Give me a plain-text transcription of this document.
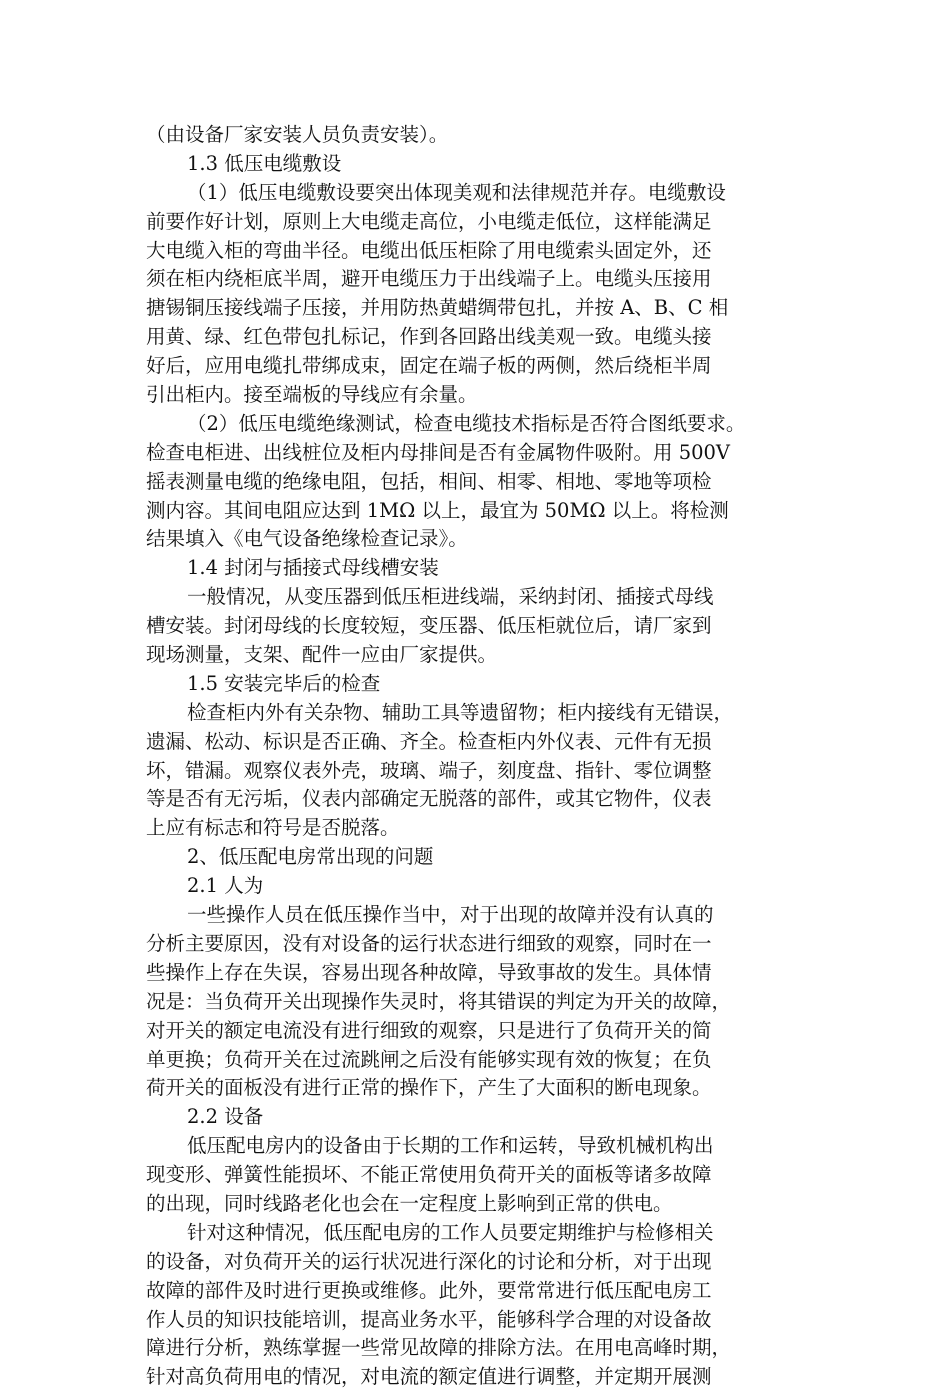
（由设备厂家安装人员负责安装）。
1.3 低压电缆敷设
（1）低压电缆敷设要突出体现美观和法律规范并存。电缆敷设
前要作好计划，原则上大电缆走高位，小电缆走低位，这样能满足
大电缆入柜的弯曲半径。电缆出低压柜除了用电缆索头固定外，还
须在柜内绕柜底半周，避开电缆压力于出线端子上。电缆头压接用
搪锡铜压接线端子压接，并用防热黄蜡绸带包扎，并按 A、B、C 相
用黄、绿、红色带包扎标记，作到各回路出线美观一致。电缆头接
好后，应用电缆扎带绑成束，固定在端子板的两侧，然后绕柜半周
引出柜内。接至端板的导线应有余量。
（2）低压电缆绝缘测试，检查电缆技术指标是否符合图纸要求。
检查电柜进、出线桩位及柜内母排间是否有金属物件吸附。用 500V
摇表测量电缆的绝缘电阻，包括，相间、相零、相地、零地等项检
测内容。其间电阻应达到 1MΩ 以上，最宜为 50MΩ 以上。将检测
结果填入《电气设备绝缘检查记录》。
1.4 封闭与插接式母线槽安装
一般情况，从变压器到低压柜进线端，采纳封闭、插接式母线
槽安装。封闭母线的长度较短，变压器、低压柜就位后，请厂家到
现场测量，支架、配件一应由厂家提供。
1.5 安装完毕后的检查
检查柜内外有关杂物、辅助工具等遗留物；柜内接线有无错误，
遗漏、松动、标识是否正确、齐全。检查柜内外仪表、元件有无损
坏，错漏。观察仪表外壳，玻璃、端子，刻度盘、指针、零位调整
等是否有无污垢，仪表内部确定无脱落的部件，或其它物件，仪表
上应有标志和符号是否脱落。
2、低压配电房常出现的问题
2.1 人为
一些操作人员在低压操作当中，对于出现的故障并没有认真的
分析主要原因，没有对设备的运行状态进行细致的观察，同时在一
些操作上存在失误，容易出现各种故障，导致事故的发生。具体情
况是：当负荷开关出现操作失灵时，将其错误的判定为开关的故障，
对开关的额定电流没有进行细致的观察，只是进行了负荷开关的简
单更换；负荷开关在过流跳闸之后没有能够实现有效的恢复；在负
荷开关的面板没有进行正常的操作下，产生了大面积的断电现象。
2.2 设备
低压配电房内的设备由于长期的工作和运转，导致机械机构出
现变形、弹簧性能损坏、不能正常使用负荷开关的面板等诸多故障
的出现，同时线路老化也会在一定程度上影响到正常的供电。
针对这种情况，低压配电房的工作人员要定期维护与检修相关
的设备，对负荷开关的运行状况进行深化的讨论和分析，对于出现
故障的部件及时进行更换或维修。此外，要常常进行低压配电房工
作人员的知识技能培训，提高业务水平，能够科学合理的对设备故
障进行分析，熟练掌握一些常见故障的排除方法。在用电高峰时期，
针对高负荷用电的情况，对电流的额定值进行调整，并定期开展测
